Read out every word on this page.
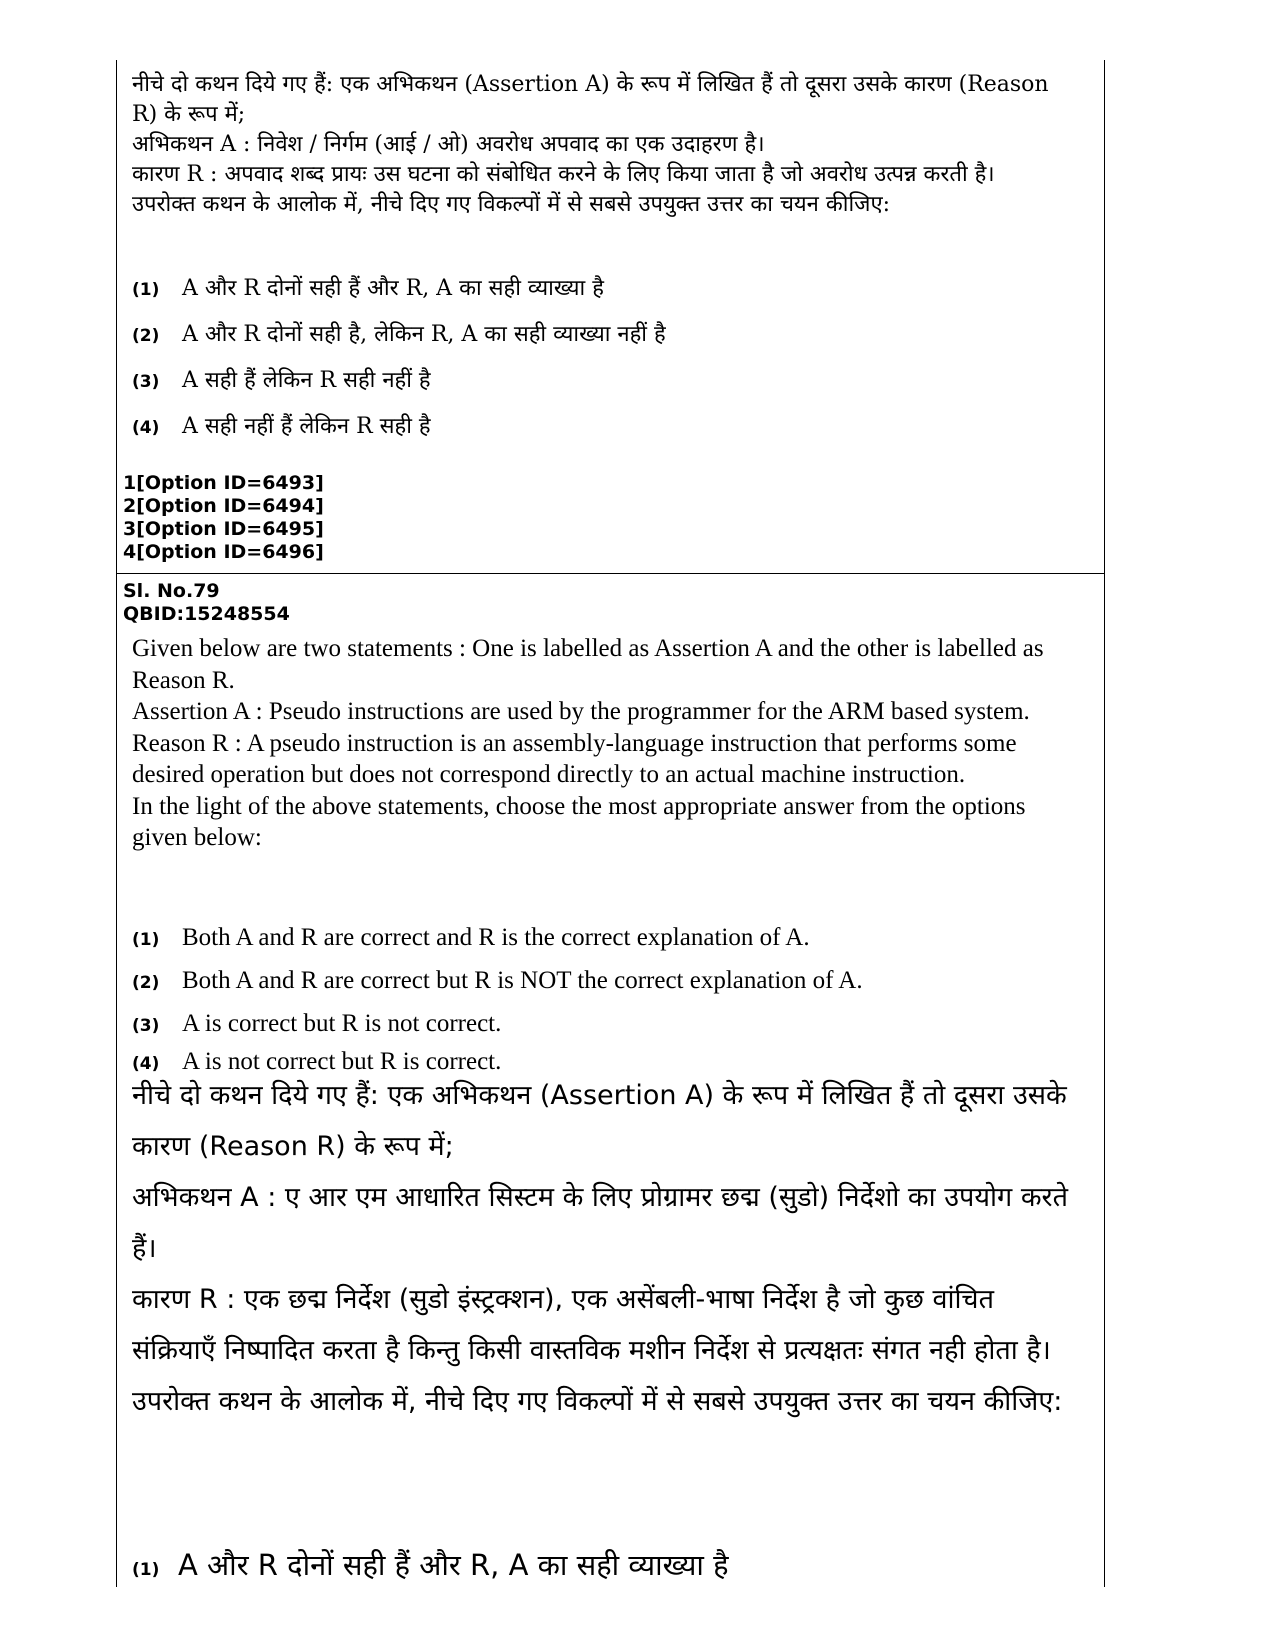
नीचे दो कथन दिये गए हैं: एक अभिकथन (Assertion A) के रूप में लिखित हैं तो दूसरा उसके कारण (Reason R) के रूप में;

अभिकथन A : निवेश / निर्गम (आई / ओ) अवरोध अपवाद का एक उदाहरण है।

कारण R : अपवाद शब्द प्रायः उस घटना को संबोधित करने के लिए किया जाता है जो अवरोध उत्पन्न करती है।

उपरोक्त कथन के आलोक में, नीचे दिए गए विकल्पों में से सबसे उपयुक्त उत्तर का चयन कीजिए:

(1)	A और R दोनों सही हैं और R, A का सही व्याख्या है
(2)	A और R दोनों सही है, लेकिन R, A का सही व्याख्या नहीं है
(3)	A सही हैं लेकिन R सही नहीं है
(4)	A सही नहीं हैं लेकिन R सही है
1[Option ID=6493]
2[Option ID=6494]
3[Option ID=6495]
4[Option ID=6496]
Sl. No.79
QBID:15248554

Given below are two statements : One is labelled as Assertion A and the other is labelled as Reason R.

Assertion A : Pseudo instructions are used by the programmer for the ARM based system.

Reason R : A pseudo instruction is an assembly-language instruction that performs some desired operation but does not correspond directly to an actual machine instruction.

In the light of the above statements, choose the most appropriate answer from the options given below:

(1) Both A and R are correct and R is the correct explanation of A.
(2) Both A and R are correct but R is NOT the correct explanation of A.
(3) A is correct but R is not correct.
(4) A is not correct but R is correct.

नीचे दो कथन दिये गए हैं: एक अभिकथन (Assertion A) के रूप में लिखित हैं तो दूसरा उसके कारण (Reason R) के रूप में;

अभिकथन A : ए आर एम आधारित सिस्टम के लिए प्रोग्रामर छद्म (सुडो) निर्देशो का उपयोग करते हैं।

कारण R : एक छद्म निर्देश (सुडो इंस्ट्रक्शन), एक असेंबली-भाषा निर्देश है जो कुछ वांचित संक्रियाएँ निष्पादित करता है किन्तु किसी वास्तविक मशीन निर्देश से प्रत्यक्षतः संगत नही हाेता है।

उपरोक्त कथन के आलोक में, नीचे दिए गए विकल्पों में से सबसे उपयुक्त उत्तर का चयन कीजिए:

(1) A और R दोनों सही हैं और R, A का सही व्याख्या है
